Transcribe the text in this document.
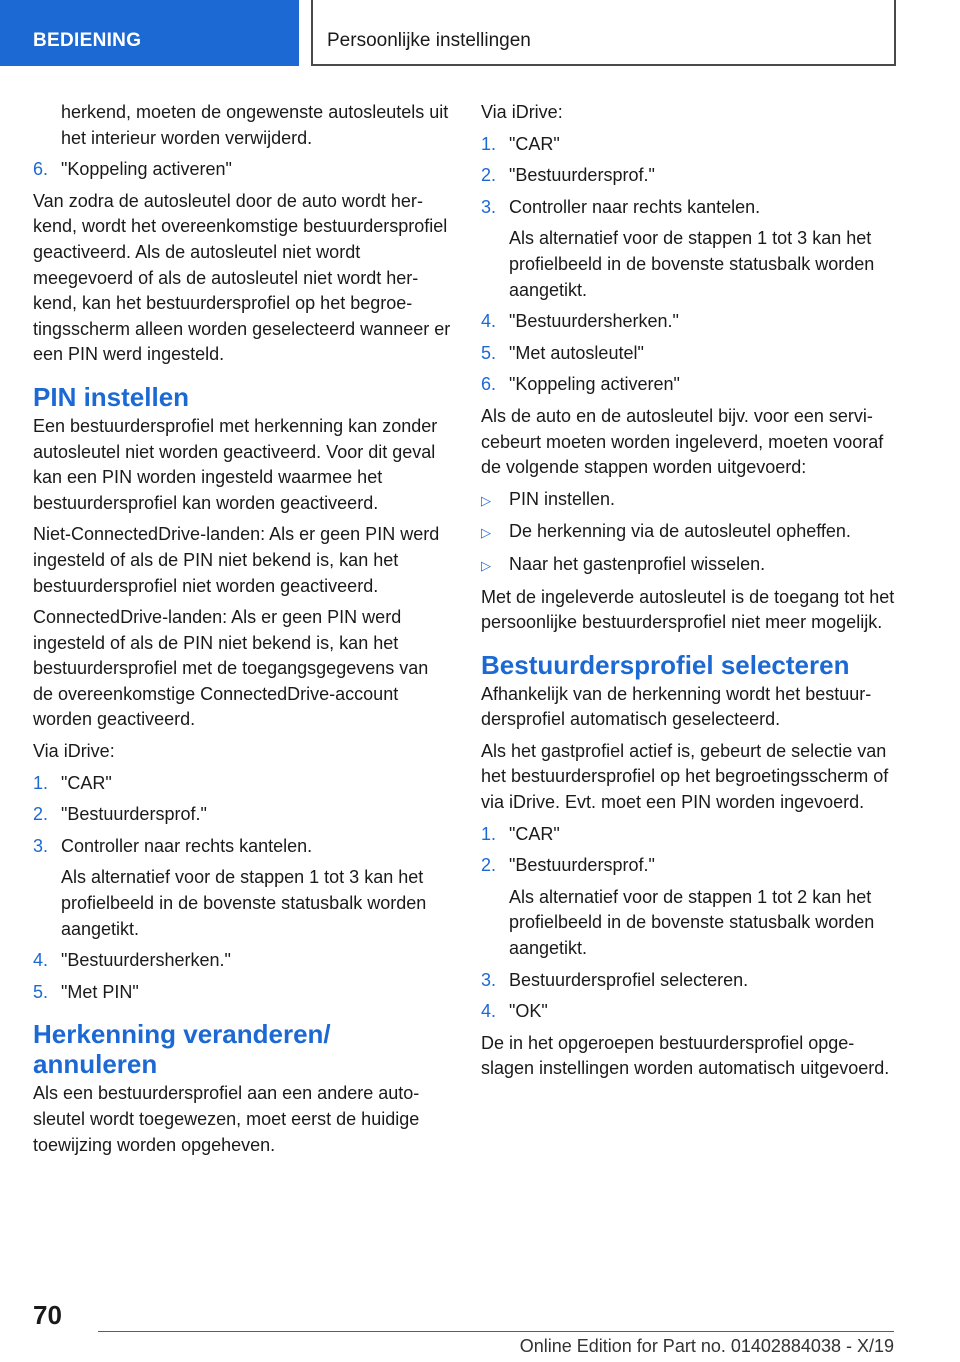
BEDIENING	Persoonlijke instellingen

herkend, moeten de ongewenste autosleutels uit het interieur worden verwijderd.

6. "Koppeling activeren"

Van zodra de autosleutel door de auto wordt herkend, wordt het overeenkomstige bestuurdersprofiel geactiveerd. Als de autosleutel niet wordt meegevoerd of als de autosleutel niet wordt herkend, kan het bestuurdersprofiel op het begroetingsscherm alleen worden geselecteerd wanneer er een PIN werd ingesteld.

PIN instellen

Een bestuurdersprofiel met herkenning kan zonder autosleutel niet worden geactiveerd. Voor dit geval kan een PIN worden ingesteld waarmee het bestuurdersprofiel kan worden geactiveerd.

Niet-ConnectedDrive-landen: Als er geen PIN werd ingesteld of als de PIN niet bekend is, kan het bestuurdersprofiel niet worden geactiveerd.

ConnectedDrive-landen: Als er geen PIN werd ingesteld of als de PIN niet bekend is, kan het bestuurdersprofiel met de toegangsgegevens van de overeenkomstige ConnectedDrive-account worden geactiveerd.

Via iDrive:

1. "CAR"
2. "Bestuurdersprof."
3. Controller naar rechts kantelen.

Als alternatief voor de stappen 1 tot 3 kan het profielbeeld in de bovenste statusbalk worden aangetikt.

4. "Bestuurdersherken."
5. "Met PIN"
Herkenning veranderen/ annuleren

Als een bestuurdersprofiel aan een andere autosleutel wordt toegewezen, moet eerst de huidige toewijzing worden opgeheven.

Via iDrive:

1. "CAR"
2. "Bestuurdersprof."
3. Controller naar rechts kantelen.

Als alternatief voor de stappen 1 tot 3 kan het profielbeeld in de bovenste statusbalk worden aangetikt.

4. "Bestuurdersherken."
5. "Met autosleutel"
6. "Koppeling activeren"

Als de auto en de autosleutel bijv. voor een servicebeurt moeten worden ingeleverd, moeten vooraf de volgende stappen worden uitgevoerd:

▷	PIN instellen.
▷	De herkenning via de autosleutel opheffen.
▷	Naar het gastenprofiel wisselen.

Met de ingeleverde autosleutel is de toegang tot het persoonlijke bestuurdersprofiel niet meer mogelijk.

Bestuurdersprofiel selecteren

Afhankelijk van de herkenning wordt het bestuurdersprofiel automatisch geselecteerd.

Als het gastprofiel actief is, gebeurt de selectie van het bestuurdersprofiel op het begroetingsscherm of via iDrive. Evt. moet een PIN worden ingevoerd.

1. "CAR"
2. "Bestuurdersprof."

Als alternatief voor de stappen 1 tot 2 kan het profielbeeld in de bovenste statusbalk worden aangetikt.

3. Bestuurdersprofiel selecteren.
4. "OK"

De in het opgeroepen bestuurdersprofiel opgeslagen instellingen worden automatisch uitgevoerd.

70
Online Edition for Part no. 01402884038 - X/19
